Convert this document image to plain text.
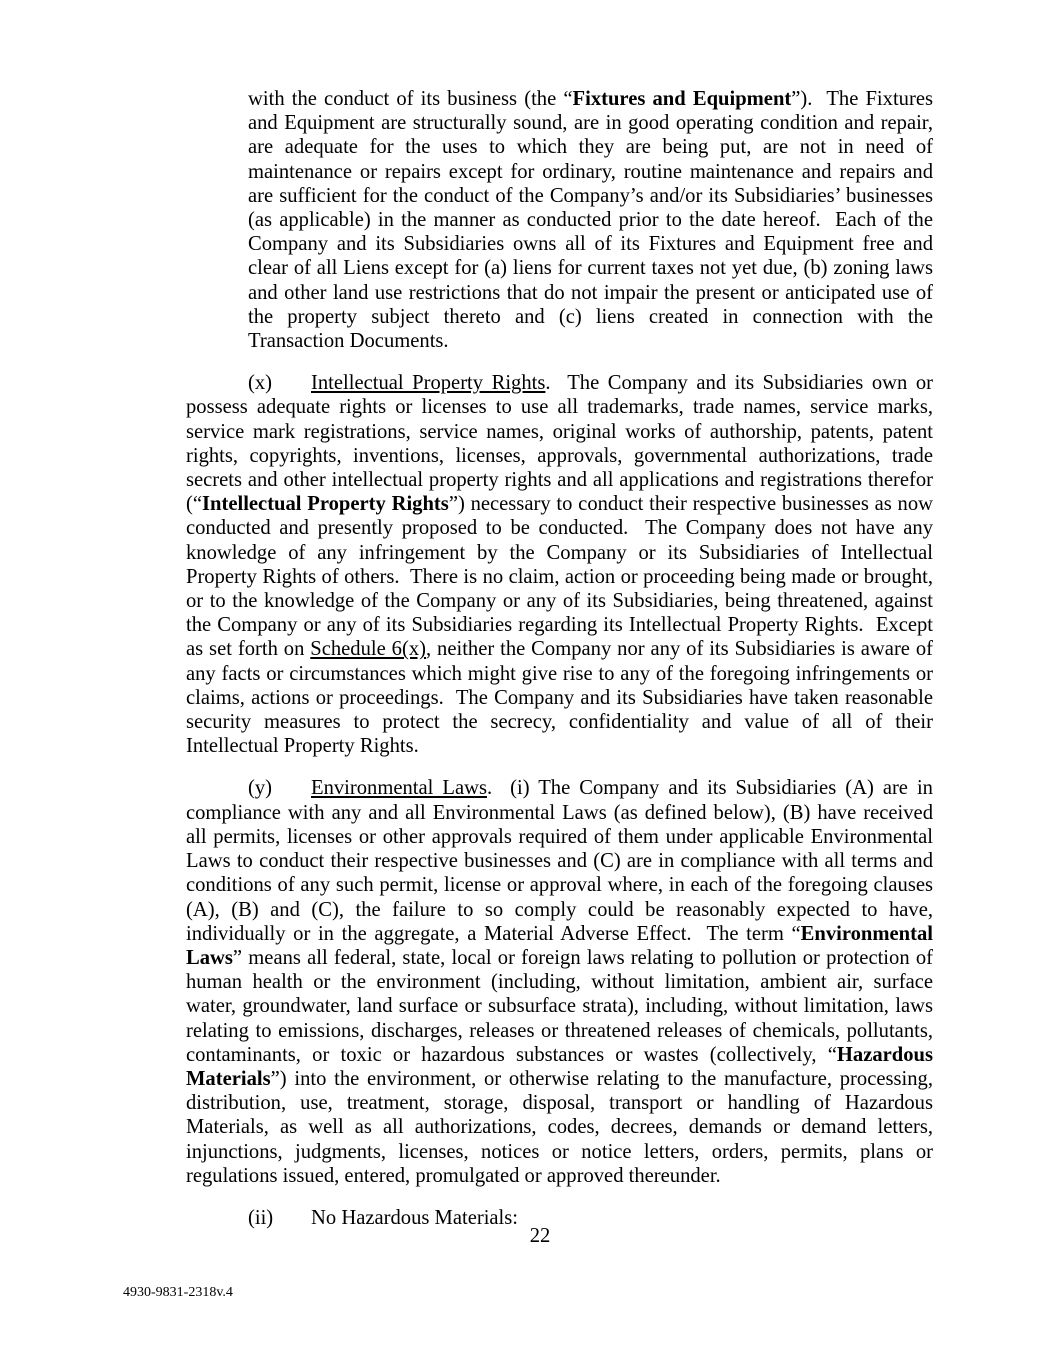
with the conduct of its business (the “Fixtures and Equipment”).  The Fixtures and Equipment are structurally sound, are in good operating condition and repair, are adequate for the uses to which they are being put, are not in need of maintenance or repairs except for ordinary, routine maintenance and repairs and are sufficient for the conduct of the Company’s and/or its Subsidiaries’ businesses (as applicable) in the manner as conducted prior to the date hereof.  Each of the Company and its Subsidiaries owns all of its Fixtures and Equipment free and clear of all Liens except for (a) liens for current taxes not yet due, (b) zoning laws and other land use restrictions that do not impair the present or anticipated use of the property subject thereto and (c) liens created in connection with the Transaction Documents.

(x) Intellectual Property Rights.  The Company and its Subsidiaries own or possess adequate rights or licenses to use all trademarks, trade names, service marks, service mark registrations, service names, original works of authorship, patents, patent rights, copyrights, inventions, licenses, approvals, governmental authorizations, trade secrets and other intellectual property rights and all applications and registrations therefor (“Intellectual Property Rights”) necessary to conduct their respective businesses as now conducted and presently proposed to be conducted.  The Company does not have any knowledge of any infringement by the Company or its Subsidiaries of Intellectual Property Rights of others.  There is no claim, action or proceeding being made or brought, or to the knowledge of the Company or any of its Subsidiaries, being threatened, against the Company or any of its Subsidiaries regarding its Intellectual Property Rights.  Except as set forth on Schedule 6(x), neither the Company nor any of its Subsidiaries is aware of any facts or circumstances which might give rise to any of the foregoing infringements or claims, actions or proceedings.  The Company and its Subsidiaries have taken reasonable security measures to protect the secrecy, confidentiality and value of all of their Intellectual Property Rights.

(y) Environmental Laws.  (i) The Company and its Subsidiaries (A) are in compliance with any and all Environmental Laws (as defined below), (B) have received all permits, licenses or other approvals required of them under applicable Environmental Laws to conduct their respective businesses and (C) are in compliance with all terms and conditions of any such permit, license or approval where, in each of the foregoing clauses (A), (B) and (C), the failure to so comply could be reasonably expected to have, individually or in the aggregate, a Material Adverse Effect.  The term “Environmental Laws” means all federal, state, local or foreign laws relating to pollution or protection of human health or the environment (including, without limitation, ambient air, surface water, groundwater, land surface or subsurface strata), including, without limitation, laws relating to emissions, discharges, releases or threatened releases of chemicals, pollutants, contaminants, or toxic or hazardous substances or wastes (collectively, “Hazardous Materials”) into the environment, or otherwise relating to the manufacture, processing, distribution, use, treatment, storage, disposal, transport or handling of Hazardous Materials, as well as all authorizations, codes, decrees, demands or demand letters, injunctions, judgments, licenses, notices or notice letters, orders, permits, plans or regulations issued, entered, promulgated or approved thereunder.

(ii) No Hazardous Materials:

22
4930-9831-2318v.4
